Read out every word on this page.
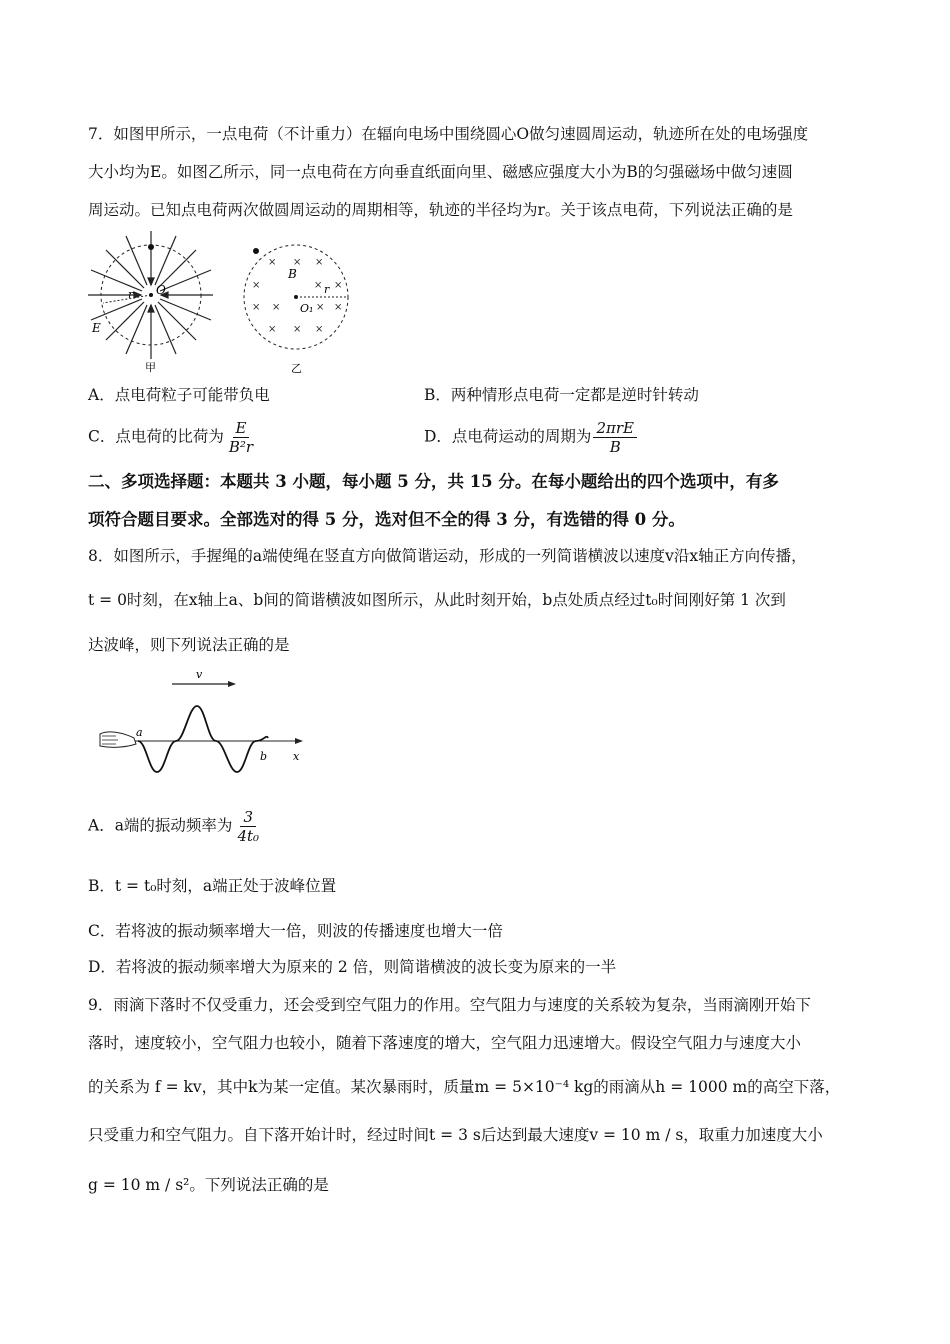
7．如图甲所示，一点电荷（不计重力）在辐向电场中围绕圆心O做匀速圆周运动，轨迹所在处的电场强度
大小均为E。如图乙所示，同一点电荷在方向垂直纸面向里、磁感应强度大小为B的匀强磁场中做匀速圆
周运动。已知点电荷两次做圆周运动的周期相等，轨迹的半径均为r。关于该点电荷，下列说法正确的是
O
r
E
甲
× × ×
×	× ×
× ×	× ×
× × ×
B
r
O₁
乙
A．点电荷粒子可能带负电	B．两种情形点电荷一定都是逆时针转动
C．点电荷的比荷为 $\frac{E}{\text{B²r}}$	D．点电荷运动的周期为 $\frac{\text{2πrE}}{B}$
二、多项选择题：本题共 3 小题，每小题 5 分，共 15 分。在每小题给出的四个选项中，有多
项符合题目要求。全部选对的得 5 分，选对但不全的得 3 分，有选错的得 0 分。
8．如图所示，手握绳的a端使绳在竖直方向做简谐运动，形成的一列简谐横波以速度v沿x轴正方向传播，
t = 0时刻，在x轴上a、b间的简谐横波如图所示，从此时刻开始，b点处质点经过t₀时间刚好第 1 次到
达波峰，则下列说法正确的是
v
a
b x
A．a端的振动频率为 $\frac{3}{\text{4t₀}}$
B．t = t₀时刻，a端正处于波峰位置
C．若将波的振动频率增大一倍，则波的传播速度也增大一倍
D．若将波的振动频率增大为原来的 2 倍，则简谐横波的波长变为原来的一半
9．雨滴下落时不仅受重力，还会受到空气阻力的作用。空气阻力与速度的关系较为复杂，当雨滴刚开始下
落时，速度较小，空气阻力也较小，随着下落速度的增大，空气阻力迅速增大。假设空气阻力与速度大小
的关系为 f = kv，其中k为某一定值。某次暴雨时，质量m = 5×10⁻⁴ kg的雨滴从h = 1000 m的高空下落，
只受重力和空气阻力。自下落开始计时，经过时间t = 3 s后达到最大速度v = 10 m / s，取重力加速度大小
g = 10 m / s²。下列说法正确的是
